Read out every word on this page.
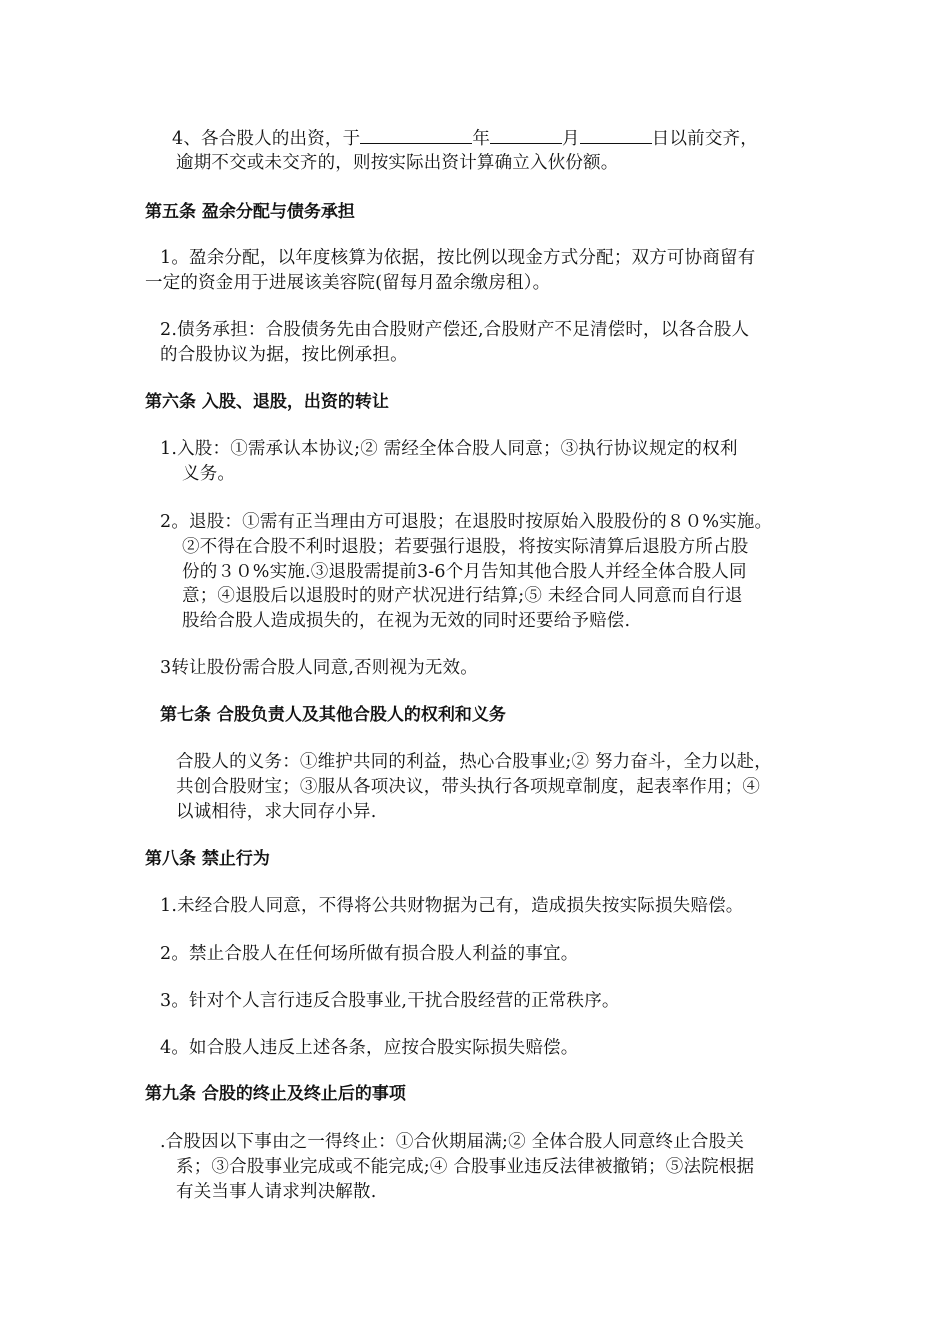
4、各合股人的出资，于	年	月	日以前交齐，
逾期不交或未交齐的，则按实际出资计算确立入伙份额。
第五条 盈余分配与债务承担
1。盈余分配，以年度核算为依据，按比例以现金方式分配；双方可协商留有
一定的资金用于进展该美容院(留每月盈余缴房租）。
2.债务承担：合股债务先由合股财产偿还,合股财产不足清偿时，以各合股人
的合股协议为据，按比例承担。
第六条 入股、退股，出资的转让
1.入股：①需承认本协议;② 需经全体合股人同意；③执行协议规定的权利
义务。
2。退股：①需有正当理由方可退股；在退股时按原始入股股份的８０%实施。
②不得在合股不利时退股；若要强行退股，将按实际清算后退股方所占股
份的３０%实施.③退股需提前3-6个月告知其他合股人并经全体合股人同
意；④退股后以退股时的财产状况进行结算;⑤ 未经合同人同意而自行退
股给合股人造成损失的，在视为无效的同时还要给予赔偿.
3转让股份需合股人同意,否则视为无效。
第七条 合股负责人及其他合股人的权利和义务
合股人的义务：①维护共同的利益，热心合股事业;② 努力奋斗，全力以赴，
共创合股财宝；③服从各项决议，带头执行各项规章制度，起表率作用；④
以诚相待，求大同存小异.
第八条 禁止行为
1.未经合股人同意，不得将公共财物据为己有，造成损失按实际损失赔偿。
2。禁止合股人在任何场所做有损合股人利益的事宜。
3。针对个人言行违反合股事业,干扰合股经营的正常秩序。
4。如合股人违反上述各条，应按合股实际损失赔偿。
第九条 合股的终止及终止后的事项
.合股因以下事由之一得终止：①合伙期届满;② 全体合股人同意终止合股关
系；③合股事业完成或不能完成;④ 合股事业违反法律被撤销；⑤法院根据
有关当事人请求判决解散.
